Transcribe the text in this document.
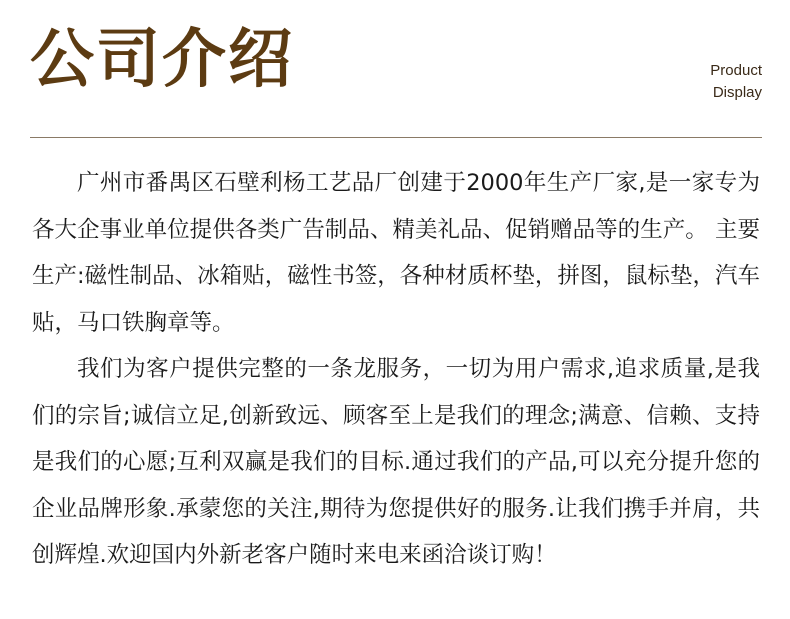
公司介绍	Product
Display

广州市番禺区石壁利杨工艺品厂创建于2000年生产厂家,是一家专为各大企事业单位提供各类广告制品、精美礼品、促销赠品等的生产。 主要生产:磁性制品、冰箱贴，磁性书签，各种材质杯垫，拼图，鼠标垫，汽车贴，马口铁胸章等。

我们为客户提供完整的一条龙服务，一切为用户需求,追求质量,是我们的宗旨;诚信立足,创新致远、顾客至上是我们的理念;满意、信赖、支持是我们的心愿;互利双赢是我们的目标.通过我们的产品,可以充分提升您的企业品牌形象.承蒙您的关注,期待为您提供好的服务.让我们携手并肩，共创辉煌.欢迎国内外新老客户随时来电来函洽谈订购！
